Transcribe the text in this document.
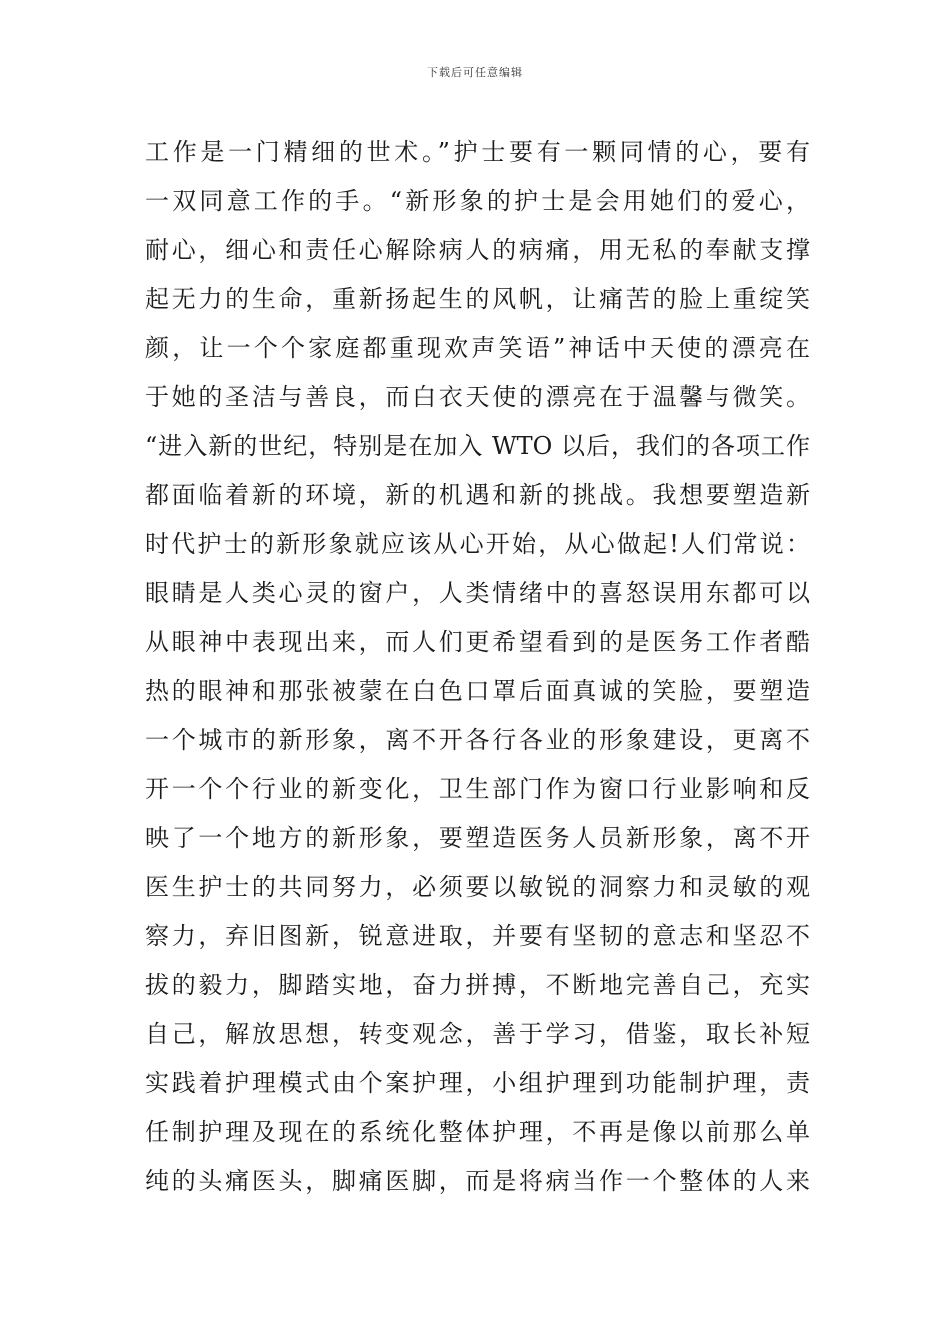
下载后可任意编辑
工作是一门精细的世术。”护士要有一颗同情的心，要有
一双同意工作的手。“新形象的护士是会用她们的爱心，
耐心，细心和责任心解除病人的病痛，用无私的奉献支撑
起无力的生命，重新扬起生的风帆，让痛苦的脸上重绽笑
颜，让一个个家庭都重现欢声笑语”神话中天使的漂亮在
于她的圣洁与善良，而白衣天使的漂亮在于温馨与微笑。
“进入新的世纪，特别是在加入 WTO 以后，我们的各项工作
都面临着新的环境，新的机遇和新的挑战。我想要塑造新
时代护士的新形象就应该从心开始，从心做起!人们常说：
眼睛是人类心灵的窗户，人类情绪中的喜怒误用东都可以
从眼神中表现出来，而人们更希望看到的是医务工作者酷
热的眼神和那张被蒙在白色口罩后面真诚的笑脸，要塑造
一个城市的新形象，离不开各行各业的形象建设，更离不
开一个个行业的新变化，卫生部门作为窗口行业影响和反
映了一个地方的新形象，要塑造医务人员新形象，离不开
医生护士的共同努力，必须要以敏锐的洞察力和灵敏的观
察力，弃旧图新，锐意进取，并要有坚韧的意志和坚忍不
拔的毅力，脚踏实地，奋力拼搏，不断地完善自己，充实
自己，解放思想，转变观念，善于学习，借鉴，取长补短
实践着护理模式由个案护理，小组护理到功能制护理，责
任制护理及现在的系统化整体护理，不再是像以前那么单
纯的头痛医头，脚痛医脚，而是将病当作一个整体的人来
